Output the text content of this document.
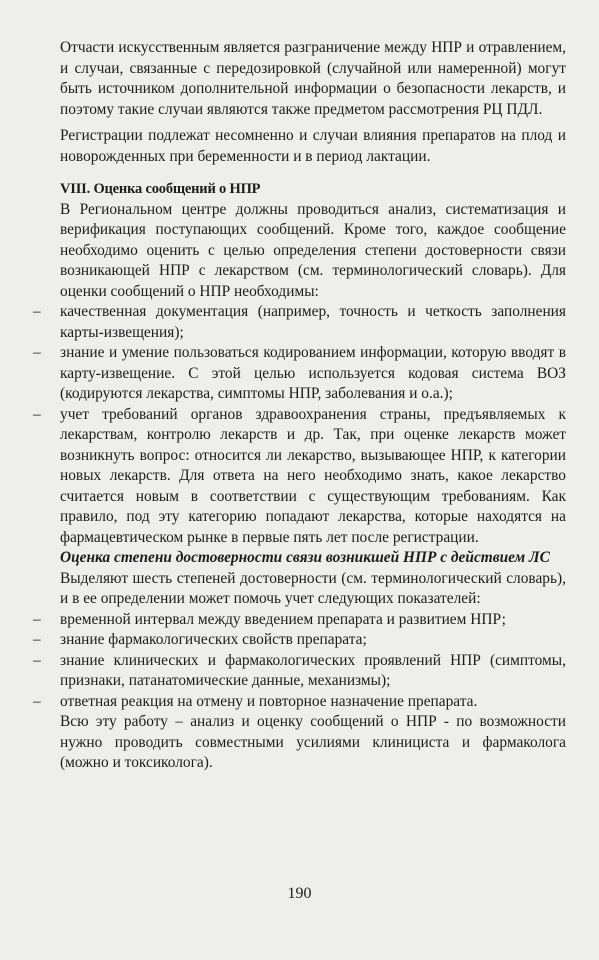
Отчасти искусственным является разграничение между НПР и отравлением, и случаи, связанные с передозировкой (случайной или намеренной) могут быть источником дополнительной информации о безопасности лекарств, и поэтому такие случаи являются также предметом рассмотрения РЦ ПДЛ.

Регистрации подлежат несомненно и случаи влияния препаратов на плод и новорожденных при беременности и в период лактации.

VIII. Оценка сообщений о НПР

В Региональном центре должны проводиться анализ, систематизация и верификация поступающих сообщений. Кроме того, каждое сообщение необходимо оценить с целью определения степени достоверности связи возникающей НПР с лекарством (см. терминологический словарь). Для оценки сообщений о НПР необходимы:

– качественная документация (например, точность и четкость заполнения карты-извещения);
– знание и умение пользоваться кодированием информации, которую вводят в карту-извещение. С этой целью используется кодовая система ВОЗ (кодируются лекарства, симптомы НПР, заболевания и о.а.);
– учет требований органов здравоохранения страны, предъявляемых к лекарствам, контролю лекарств и др. Так, при оценке лекарств может возникнуть вопрос: относится ли лекарство, вызывающее НПР, к категории новых лекарств. Для ответа на него необходимо знать, какое лекарство считается новым в соответствии с существующим требованиям. Как правило, под эту категорию попадают лекарства, которые находятся на фармацевтическом рынке в первые пять лет после регистрации.

Оценка степени достоверности связи возникшей НПР с действием ЛС

Выделяют шесть степеней достоверности (см. терминологический словарь), и в ее определении может помочь учет следующих показателей:

– временной интервал между введением препарата и развитием НПР;
– знание фармакологических свойств препарата;
– знание клинических и фармакологических проявлений НПР (симптомы, признаки, патанатомические данные, механизмы);
– ответная реакция на отмену и повторное назначение препарата.

Всю эту работу – анализ и оценку сообщений о НПР - по возможности нужно проводить совместными усилиями клинициста и фармаколога (можно и токсиколога).

190
